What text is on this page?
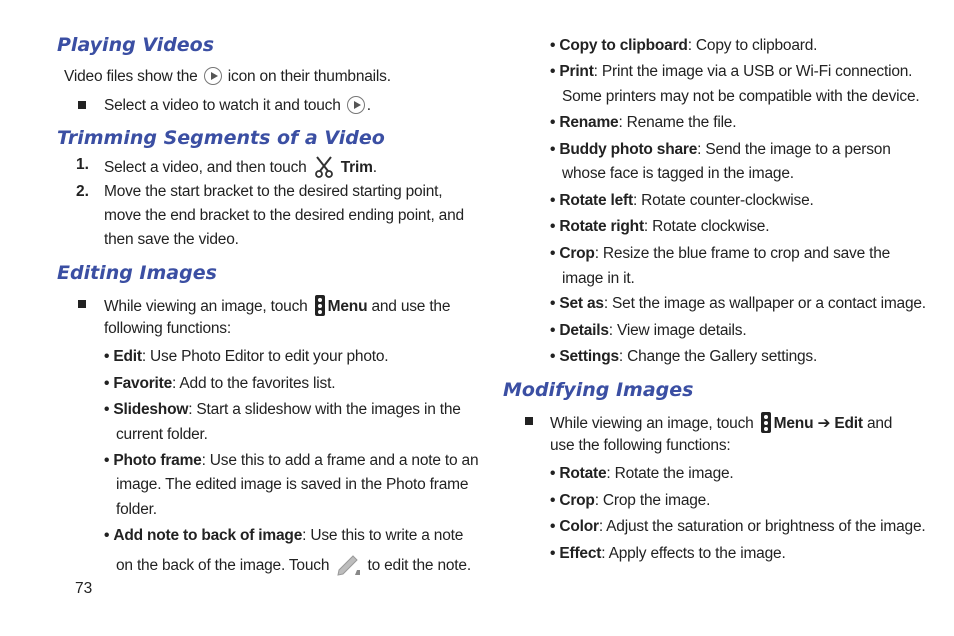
Playing Videos
Video files show the icon on their thumbnails.
Select a video to watch it and touch .
Trimming Segments of a Video
1. Select a video, and then touch Trim.
2. Move the start bracket to the desired starting point,
move the end bracket to the desired ending point, and
then save the video.
Editing Images
While viewing an image, touch Menu and use the
following functions:
• Edit: Use Photo Editor to edit your photo.
• Favorite: Add to the favorites list.
• Slideshow: Start a slideshow with the images in the
current folder.
• Photo frame: Use this to add a frame and a note to an
image. The edited image is saved in the Photo frame
folder.
• Add note to back of image: Use this to write a note
on the back of the image. Touch to edit the note.
73
• Copy to clipboard: Copy to clipboard.
• Print: Print the image via a USB or Wi-Fi connection.
Some printers may not be compatible with the device.
• Rename: Rename the file.
• Buddy photo share: Send the image to a person
whose face is tagged in the image.
• Rotate left: Rotate counter-clockwise.
• Rotate right: Rotate clockwise.
• Crop: Resize the blue frame to crop and save the
image in it.
• Set as: Set the image as wallpaper or a contact image.
• Details: View image details.
• Settings: Change the Gallery settings.
Modifying Images
While viewing an image, touch Menu ➔ Edit and
use the following functions:
• Rotate: Rotate the image.
• Crop: Crop the image.
• Color: Adjust the saturation or brightness of the image.
• Effect: Apply effects to the image.
